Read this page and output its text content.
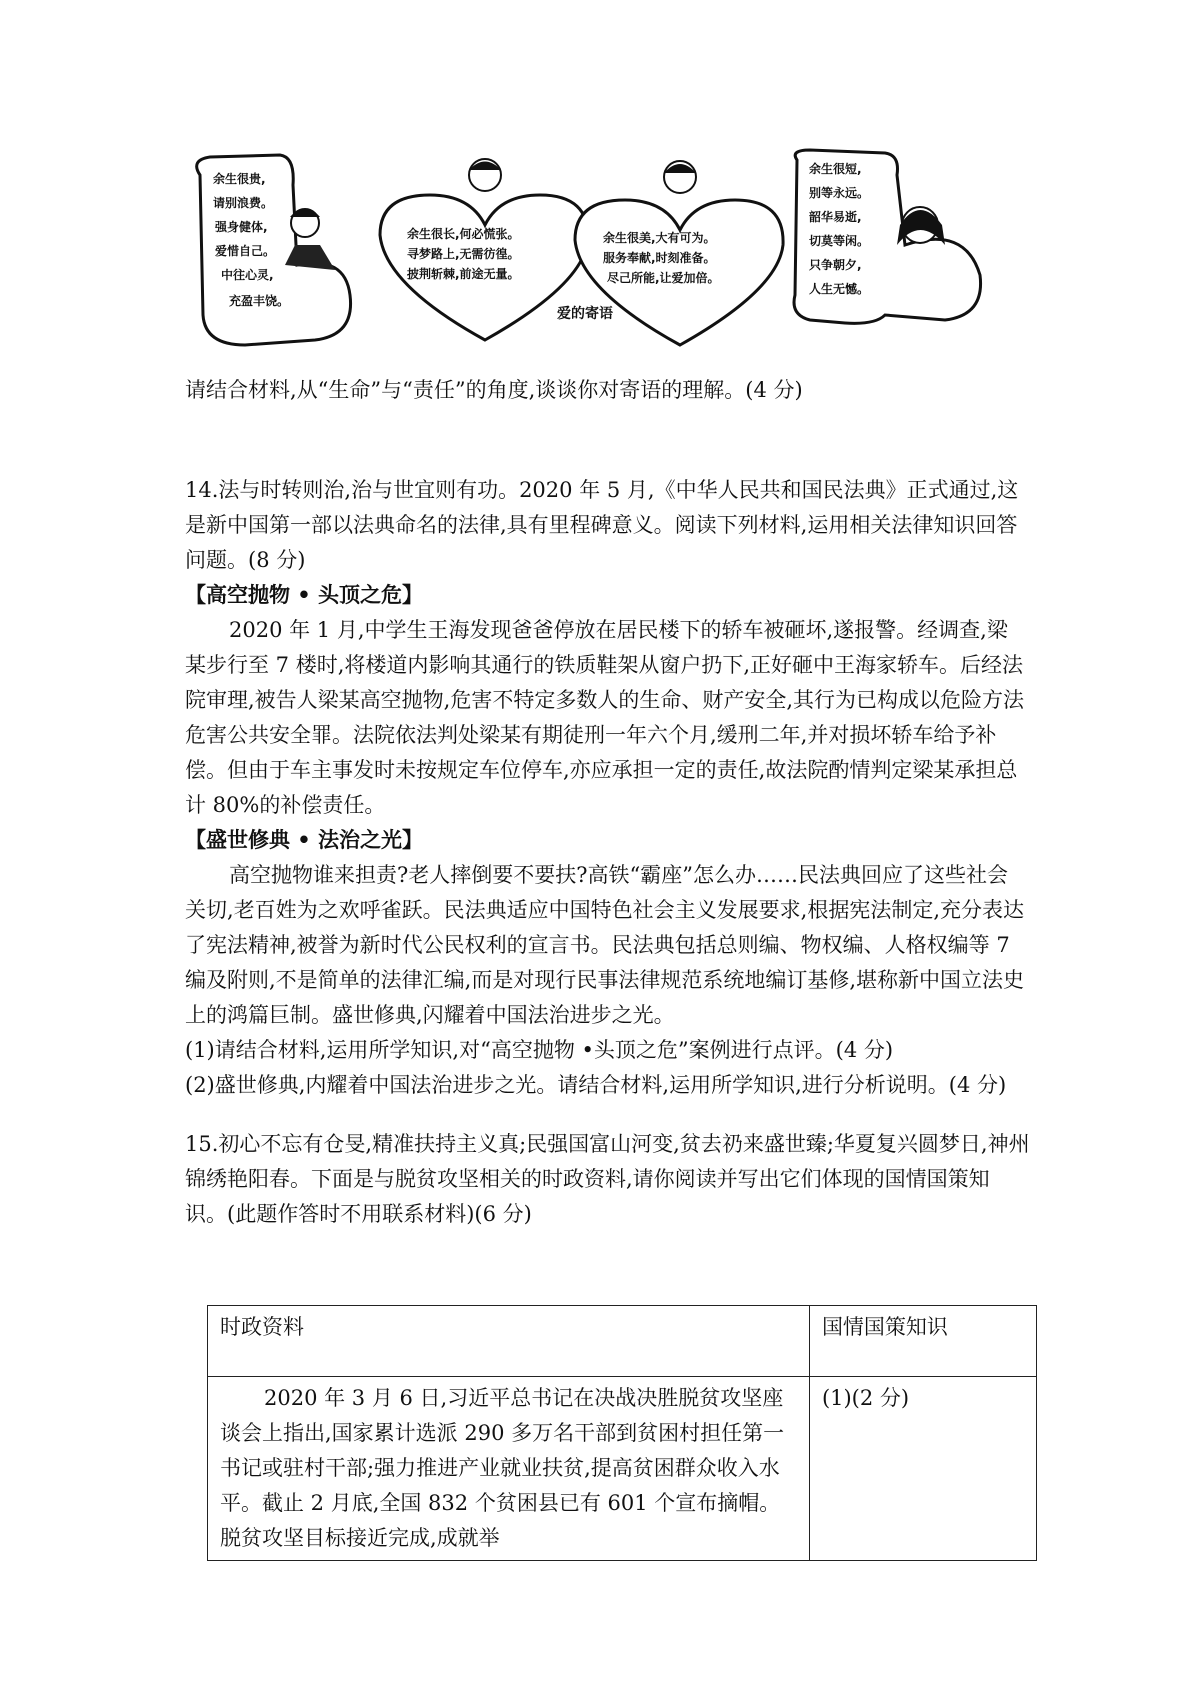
余生很贵,
请别浪费。
强身健体,
爱惜自己。
中往心灵,
充盈丰饶。
余生很长,何必慌张。
寻梦路上,无需彷徨。
披荆斩棘,前途无量。
余生很美,大有可为。
服务奉献,时刻准备。
尽己所能,让爱加倍。
爱的寄语
余生很短,
别等永远。
韶华易逝,
切莫等闲。
只争朝夕,
人生无憾。

请结合材料,从“生命”与“责任”的角度,谈谈你对寄语的理解。(4 分)

14.法与时转则治,治与世宜则有功。2020 年 5 月,《中华人民共和国民法典》正式通过,这是新中国第一部以法典命名的法律,具有里程碑意义。阅读下列材料,运用相关法律知识回答问题。(8 分)

【高空抛物 • 头顶之危】

2020 年 1 月,中学生王海发现爸爸停放在居民楼下的轿车被砸坏,遂报警。经调查,梁某步行至 7 楼时,将楼道内影响其通行的铁质鞋架从窗户扔下,正好砸中王海家轿车。后经法院审理,被告人梁某高空抛物,危害不特定多数人的生命、财产安全,其行为已构成以危险方法危害公共安全罪。法院依法判处梁某有期徒刑一年六个月,缓刑二年,并对损坏轿车给予补偿。但由于车主事发时未按规定车位停车,亦应承担一定的责任,故法院酌情判定梁某承担总计 80%的补偿责任。

【盛世修典 • 法治之光】

高空抛物谁来担责?老人摔倒要不要扶?高铁“霸座”怎么办……民法典回应了这些社会关切,老百姓为之欢呼雀跃。民法典适应中国特色社会主义发展要求,根据宪法制定,充分表达了宪法精神,被誉为新时代公民权利的宣言书。民法典包括总则编、物权编、人格权编等 7 编及附则,不是简单的法律汇编,而是对现行民事法律规范系统地编订基修,堪称新中国立法史上的鸿篇巨制。盛世修典,闪耀着中国法治进步之光。

(1)请结合材料,运用所学知识,对“高空抛物 •头顶之危”案例进行点评。(4 分)

(2)盛世修典,内耀着中国法治进步之光。请结合材料,运用所学知识,进行分析说明。(4 分)

15.初心不忘有仓旻,精准扶持主义真;民强国富山河变,贫去礽来盛世臻;华夏复兴圆梦日,神州锦绣艳阳春。下面是与脱贫攻坚相关的时政资料,请你阅读并写出它们体现的国情国策知识。(此题作答时不用联系材料)(6 分)

时政资料	国情国策知识
2020 年 3 月 6 日,习近平总书记在决战决胜脱贫攻坚座谈会上指出,国家累计选派 290 多万名干部到贫困村担任第一书记或驻村干部;强力推进产业就业扶贫,提高贫困群众收入水平。截止 2 月底,全国 832 个贫困县已有 601 个宣布摘帽。脱贫攻坚目标接近完成,成就举	(1)(2 分)
